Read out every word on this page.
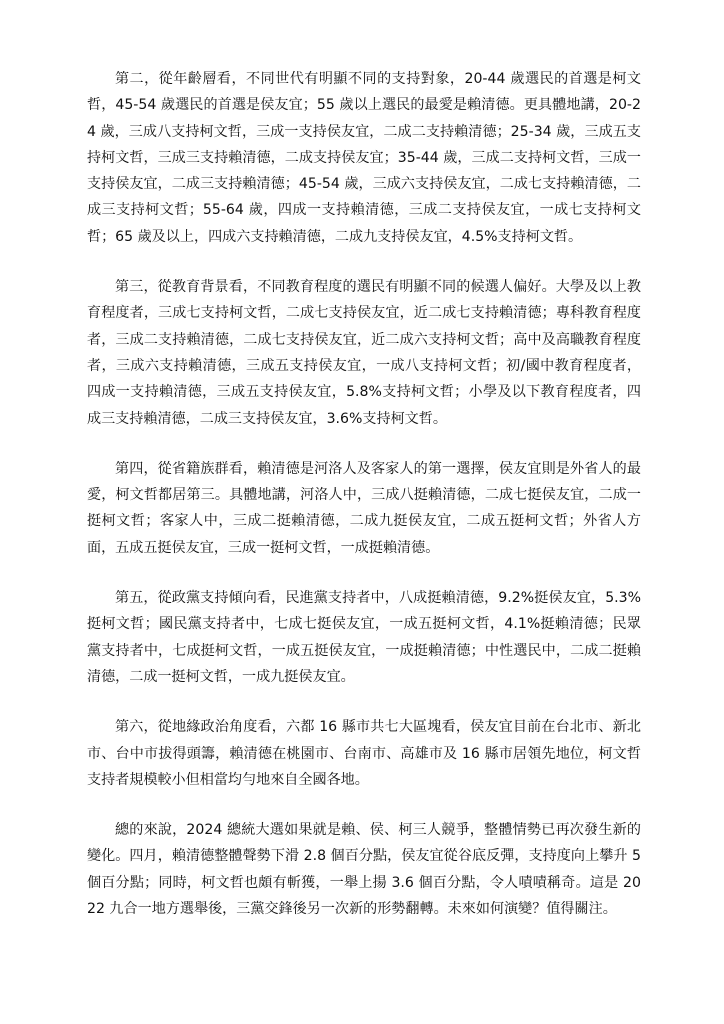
第二，從年齡層看，不同世代有明顯不同的支持對象，20-44 歲選民的首選是柯文哲，45-54 歲選民的首選是侯友宜；55 歲以上選民的最愛是賴清德。更具體地講，20-24 歲，三成八支持柯文哲，三成一支持侯友宜，二成二支持賴清德；25-34 歲，三成五支持柯文哲，三成三支持賴清德，二成支持侯友宜；35-44 歲，三成二支持柯文哲，三成一支持侯友宜，二成三支持賴清德；45-54 歲，三成六支持侯友宜，二成七支持賴清德，二成三支持柯文哲；55-64 歲，四成一支持賴清德，三成二支持侯友宜，一成七支持柯文哲；65 歲及以上，四成六支持賴清德，二成九支持侯友宜，4.5%支持柯文哲。

第三，從教育背景看，不同教育程度的選民有明顯不同的候選人偏好。大學及以上教育程度者，三成七支持柯文哲，二成七支持侯友宜，近二成七支持賴清德；專科教育程度者，三成二支持賴清德，二成七支持侯友宜，近二成六支持柯文哲；高中及高職教育程度者，三成六支持賴清德，三成五支持侯友宜，一成八支持柯文哲；初/國中教育程度者，四成一支持賴清德，三成五支持侯友宜，5.8%支持柯文哲；小學及以下教育程度者，四成三支持賴清德，二成三支持侯友宜，3.6%支持柯文哲。

第四，從省籍族群看，賴清德是河洛人及客家人的第一選擇，侯友宜則是外省人的最愛，柯文哲都居第三。具體地講，河洛人中，三成八挺賴清德，二成七挺侯友宜，二成一挺柯文哲；客家人中，三成二挺賴清德，二成九挺侯友宜，二成五挺柯文哲；外省人方面，五成五挺侯友宜，三成一挺柯文哲，一成挺賴清德。

第五，從政黨支持傾向看，民進黨支持者中，八成挺賴清德，9.2%挺侯友宜，5.3%挺柯文哲；國民黨支持者中，七成七挺侯友宜，一成五挺柯文哲，4.1%挺賴清德；民眾黨支持者中，七成挺柯文哲，一成五挺侯友宜，一成挺賴清德；中性選民中，二成二挺賴清德，二成一挺柯文哲，一成九挺侯友宜。

第六，從地緣政治角度看，六都 16 縣市共七大區塊看，侯友宜目前在台北市、新北市、台中市拔得頭籌，賴清德在桃園市、台南市、高雄市及 16 縣市居領先地位，柯文哲支持者規模較小但相當均勻地來自全國各地。

總的來說，2024 總統大選如果就是賴、侯、柯三人競爭，整體情勢已再次發生新的變化。四月，賴清德整體聲勢下滑 2.8 個百分點，侯友宜從谷底反彈，支持度向上攀升 5 個百分點；同時，柯文哲也頗有斬獲，一舉上揚 3.6 個百分點，令人嘖嘖稱奇。這是 2022 九合一地方選舉後，三黨交鋒後另一次新的形勢翻轉。未來如何演變？值得關注。
